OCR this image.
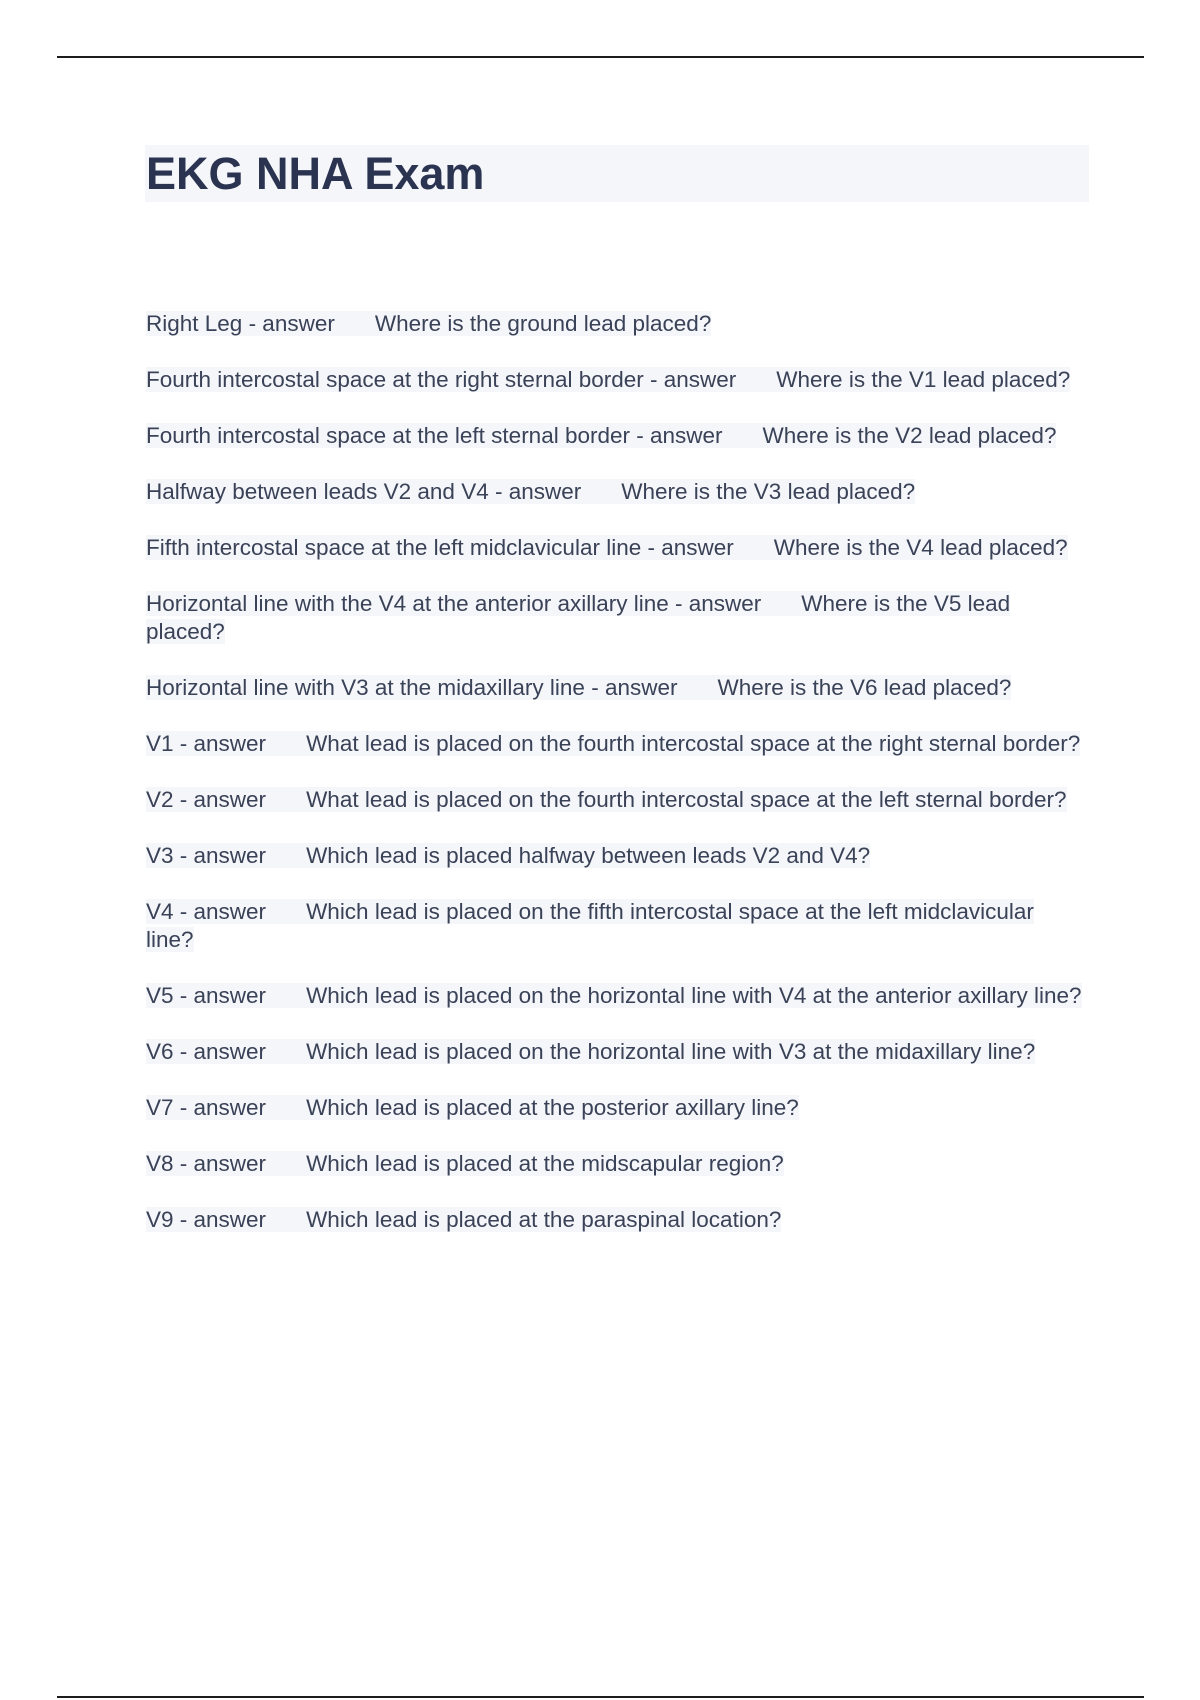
EKG NHA Exam

Right Leg - answer Where is the ground lead placed?

Fourth intercostal space at the right sternal border - answer Where is the V1 lead placed?

Fourth intercostal space at the left sternal border - answer Where is the V2 lead placed?

Halfway between leads V2 and V4 - answer Where is the V3 lead placed?

Fifth intercostal space at the left midclavicular line - answer Where is the V4 lead placed?

Horizontal line with the V4 at the anterior axillary line - answer Where is the V5 lead placed?

Horizontal line with V3 at the midaxillary line - answer Where is the V6 lead placed?

V1 - answer What lead is placed on the fourth intercostal space at the right sternal border?

V2 - answer What lead is placed on the fourth intercostal space at the left sternal border?

V3 - answer Which lead is placed halfway between leads V2 and V4?

V4 - answer Which lead is placed on the fifth intercostal space at the left midclavicular line?

V5 - answer Which lead is placed on the horizontal line with V4 at the anterior axillary line?

V6 - answer Which lead is placed on the horizontal line with V3 at the midaxillary line?

V7 - answer Which lead is placed at the posterior axillary line?

V8 - answer Which lead is placed at the midscapular region?

V9 - answer Which lead is placed at the paraspinal location?
